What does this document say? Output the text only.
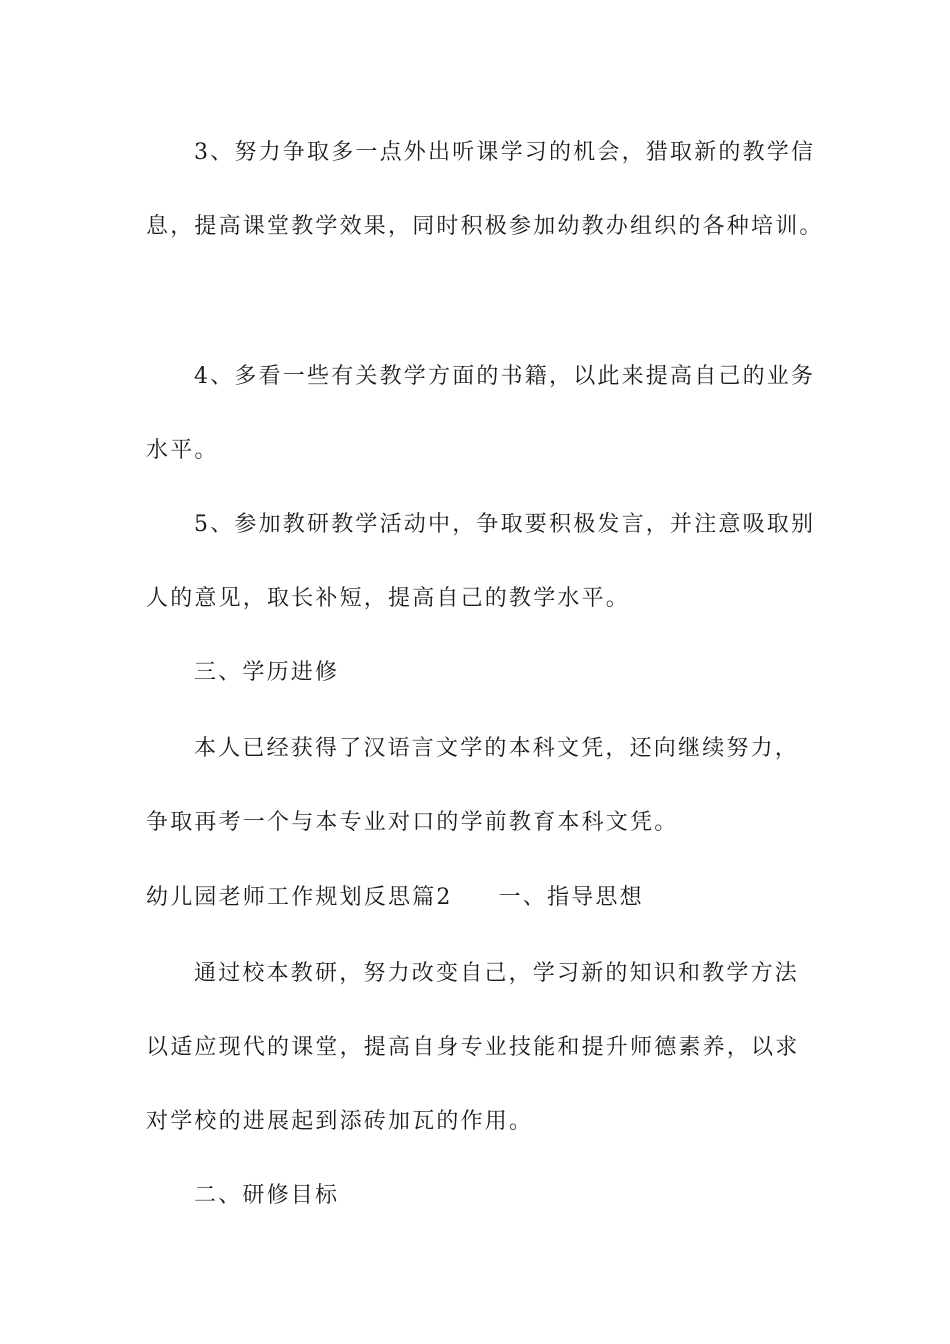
3、努力争取多一点外出听课学习的机会，猎取新的教学信

息，提高课堂教学效果，同时积极参加幼教办组织的各种培训。

4、多看一些有关教学方面的书籍，以此来提高自己的业务

水平。

5、参加教研教学活动中，争取要积极发言，并注意吸取别

人的意见，取长补短，提高自己的教学水平。

三、学历进修

本人已经获得了汉语言文学的本科文凭，还向继续努力，

争取再考一个与本专业对口的学前教育本科文凭。

幼儿园老师工作规划反思篇2 一、指导思想

通过校本教研，努力改变自己，学习新的知识和教学方法

以适应现代的课堂，提高自身专业技能和提升师德素养，以求

对学校的进展起到添砖加瓦的作用。

二、研修目标
